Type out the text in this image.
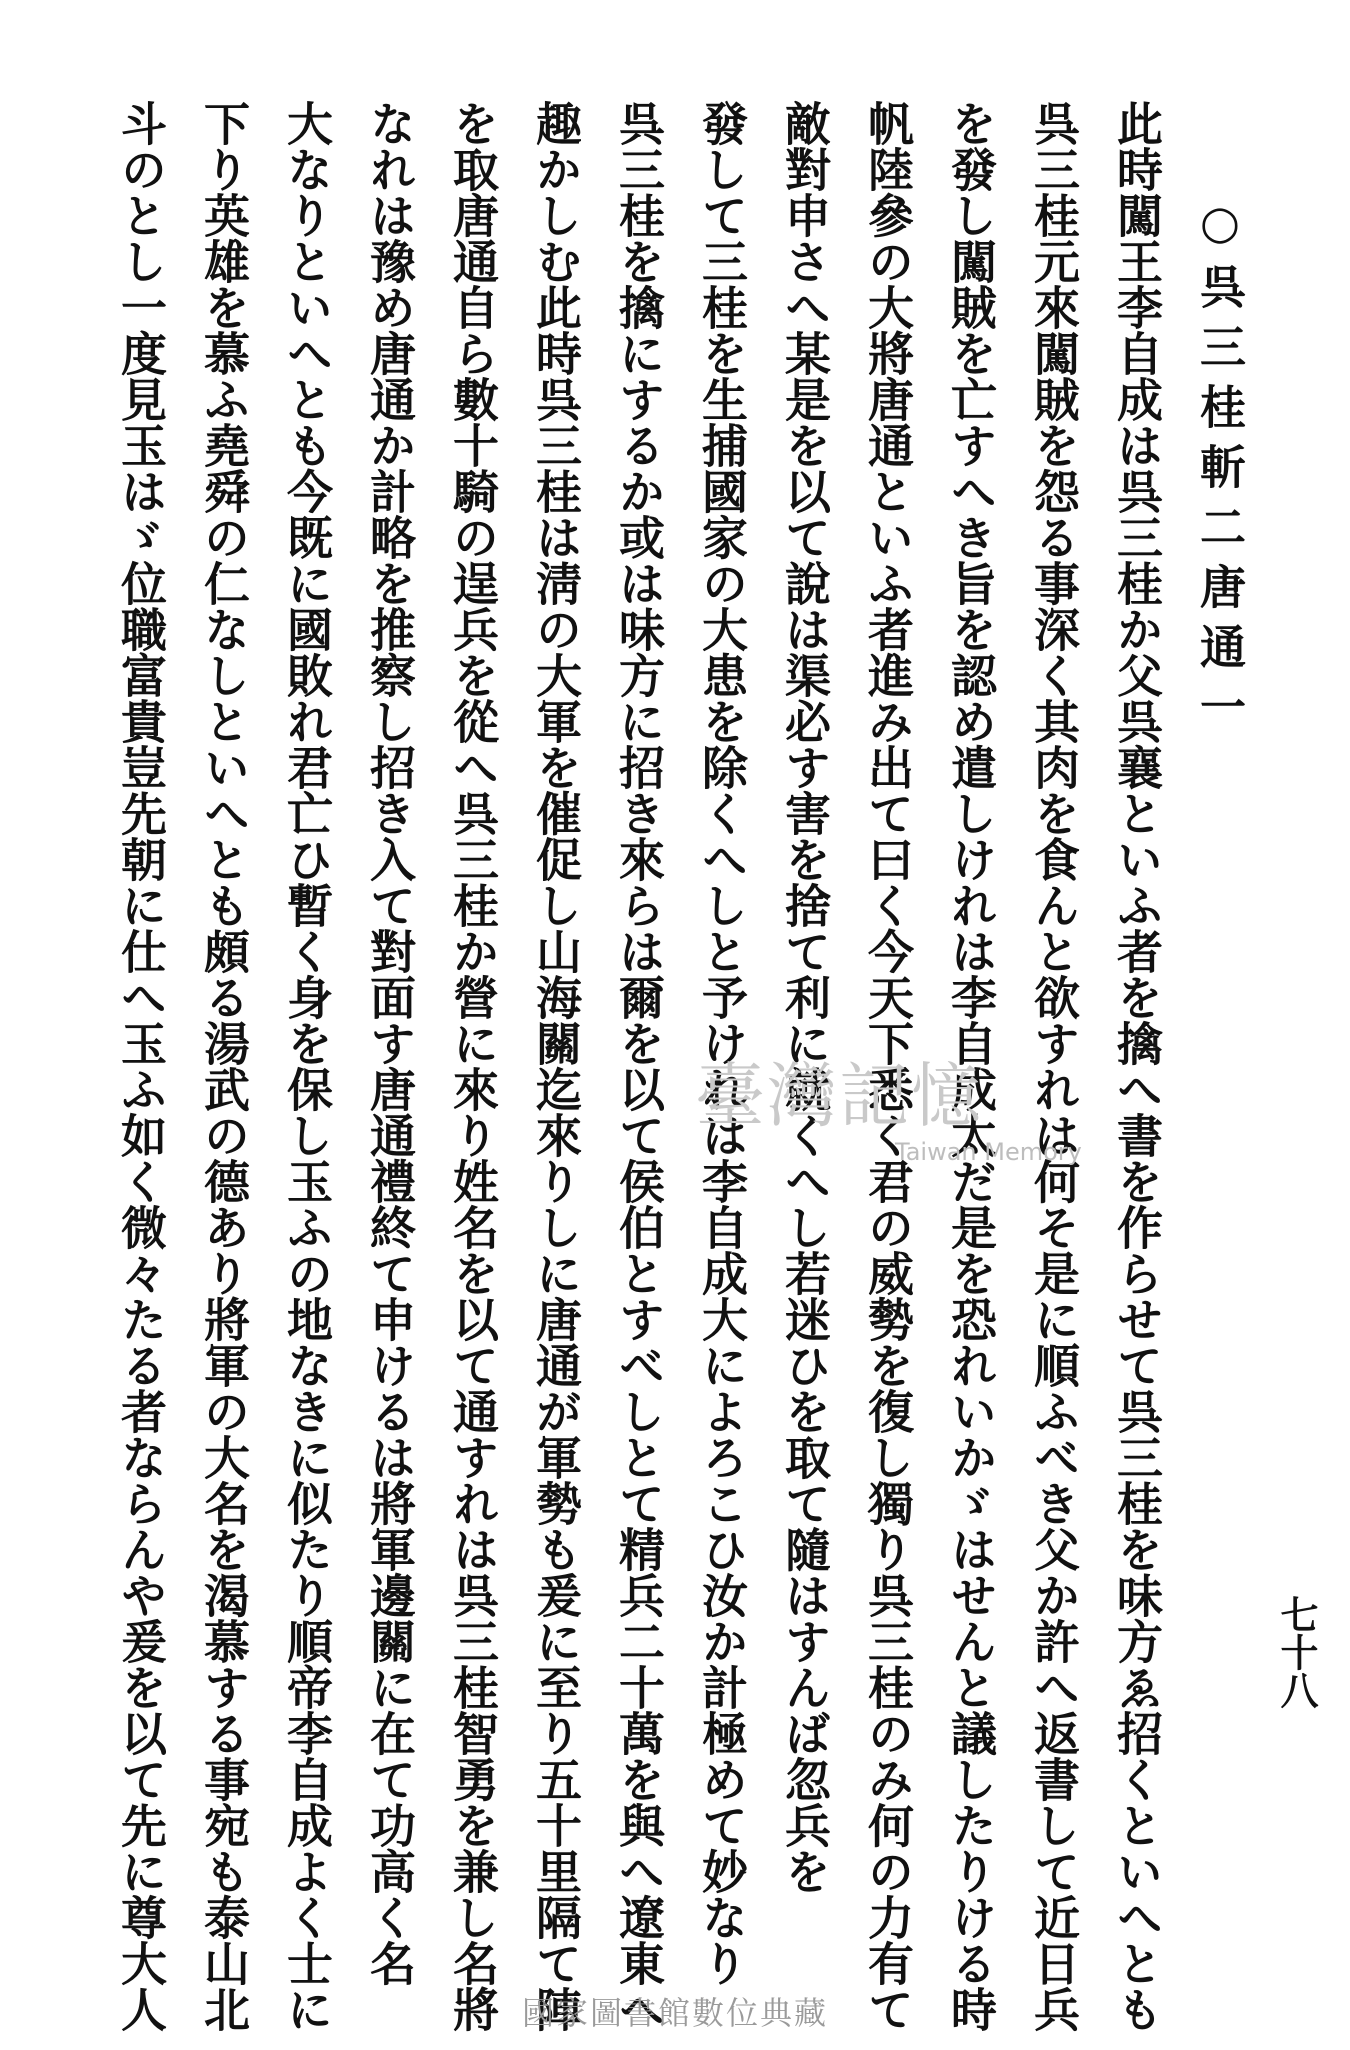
七十八
○呉三桂斬二唐通一
此時闖王李自成は呉三桂か父呉襄といふ者を擒へ書を作らせて呉三桂を味方ゑ招くといへとも
呉三桂元來闖賊を怨る事深く其肉を食んと欲すれは何そ是に順ふべき父か許へ返書して近日兵
を發し闖賊を亡すへき旨を認め遣しけれは李自成太だ是を恐れいかゞはせんと議したりける時
帆陸參の大將唐通といふ者進み出て曰く今天下悉く君の威勢を復し獨り呉三桂のみ何の力有て
敵對申さへ某是を以て說は渠必す害を捨て利に就くへし若迷ひを取て隨はすんば忽兵を
發して三桂を生捕國家の大患を除くへしと予けれは李自成大によろこひ汝か計極めて妙なり
呉三桂を擒にするか或は味方に招き來らは爾を以て侯伯とすべしとて精兵二十萬を與へ遼東へ
趣かしむ此時呉三桂は淸の大軍を催促し山海關迄來りしに唐通が軍勢も爰に至り五十里隔て陣
を取唐通自ら數十騎の逞兵を從へ呉三桂か營に來り姓名を以て通すれは呉三桂智勇を兼し名將
なれは豫め唐通か計略を推察し招き入て對面す唐通禮終て申けるは將軍邊關に在て功高く名
大なりといへとも今既に國敗れ君亡ひ暫く身を保し玉ふの地なきに似たり順帝李自成よく士に
下り英雄を慕ふ堯舜の仁なしといへとも頗る湯武の德あり將軍の大名を渴慕する事宛も泰山北
斗のとし一度見玉はゞ位職富貴豈先朝に仕へ玉ふ如く微々たる者ならんや爰を以て先に尊大人	臺灣記憶
Taiwan Memory
國家圖書館數位典藏
